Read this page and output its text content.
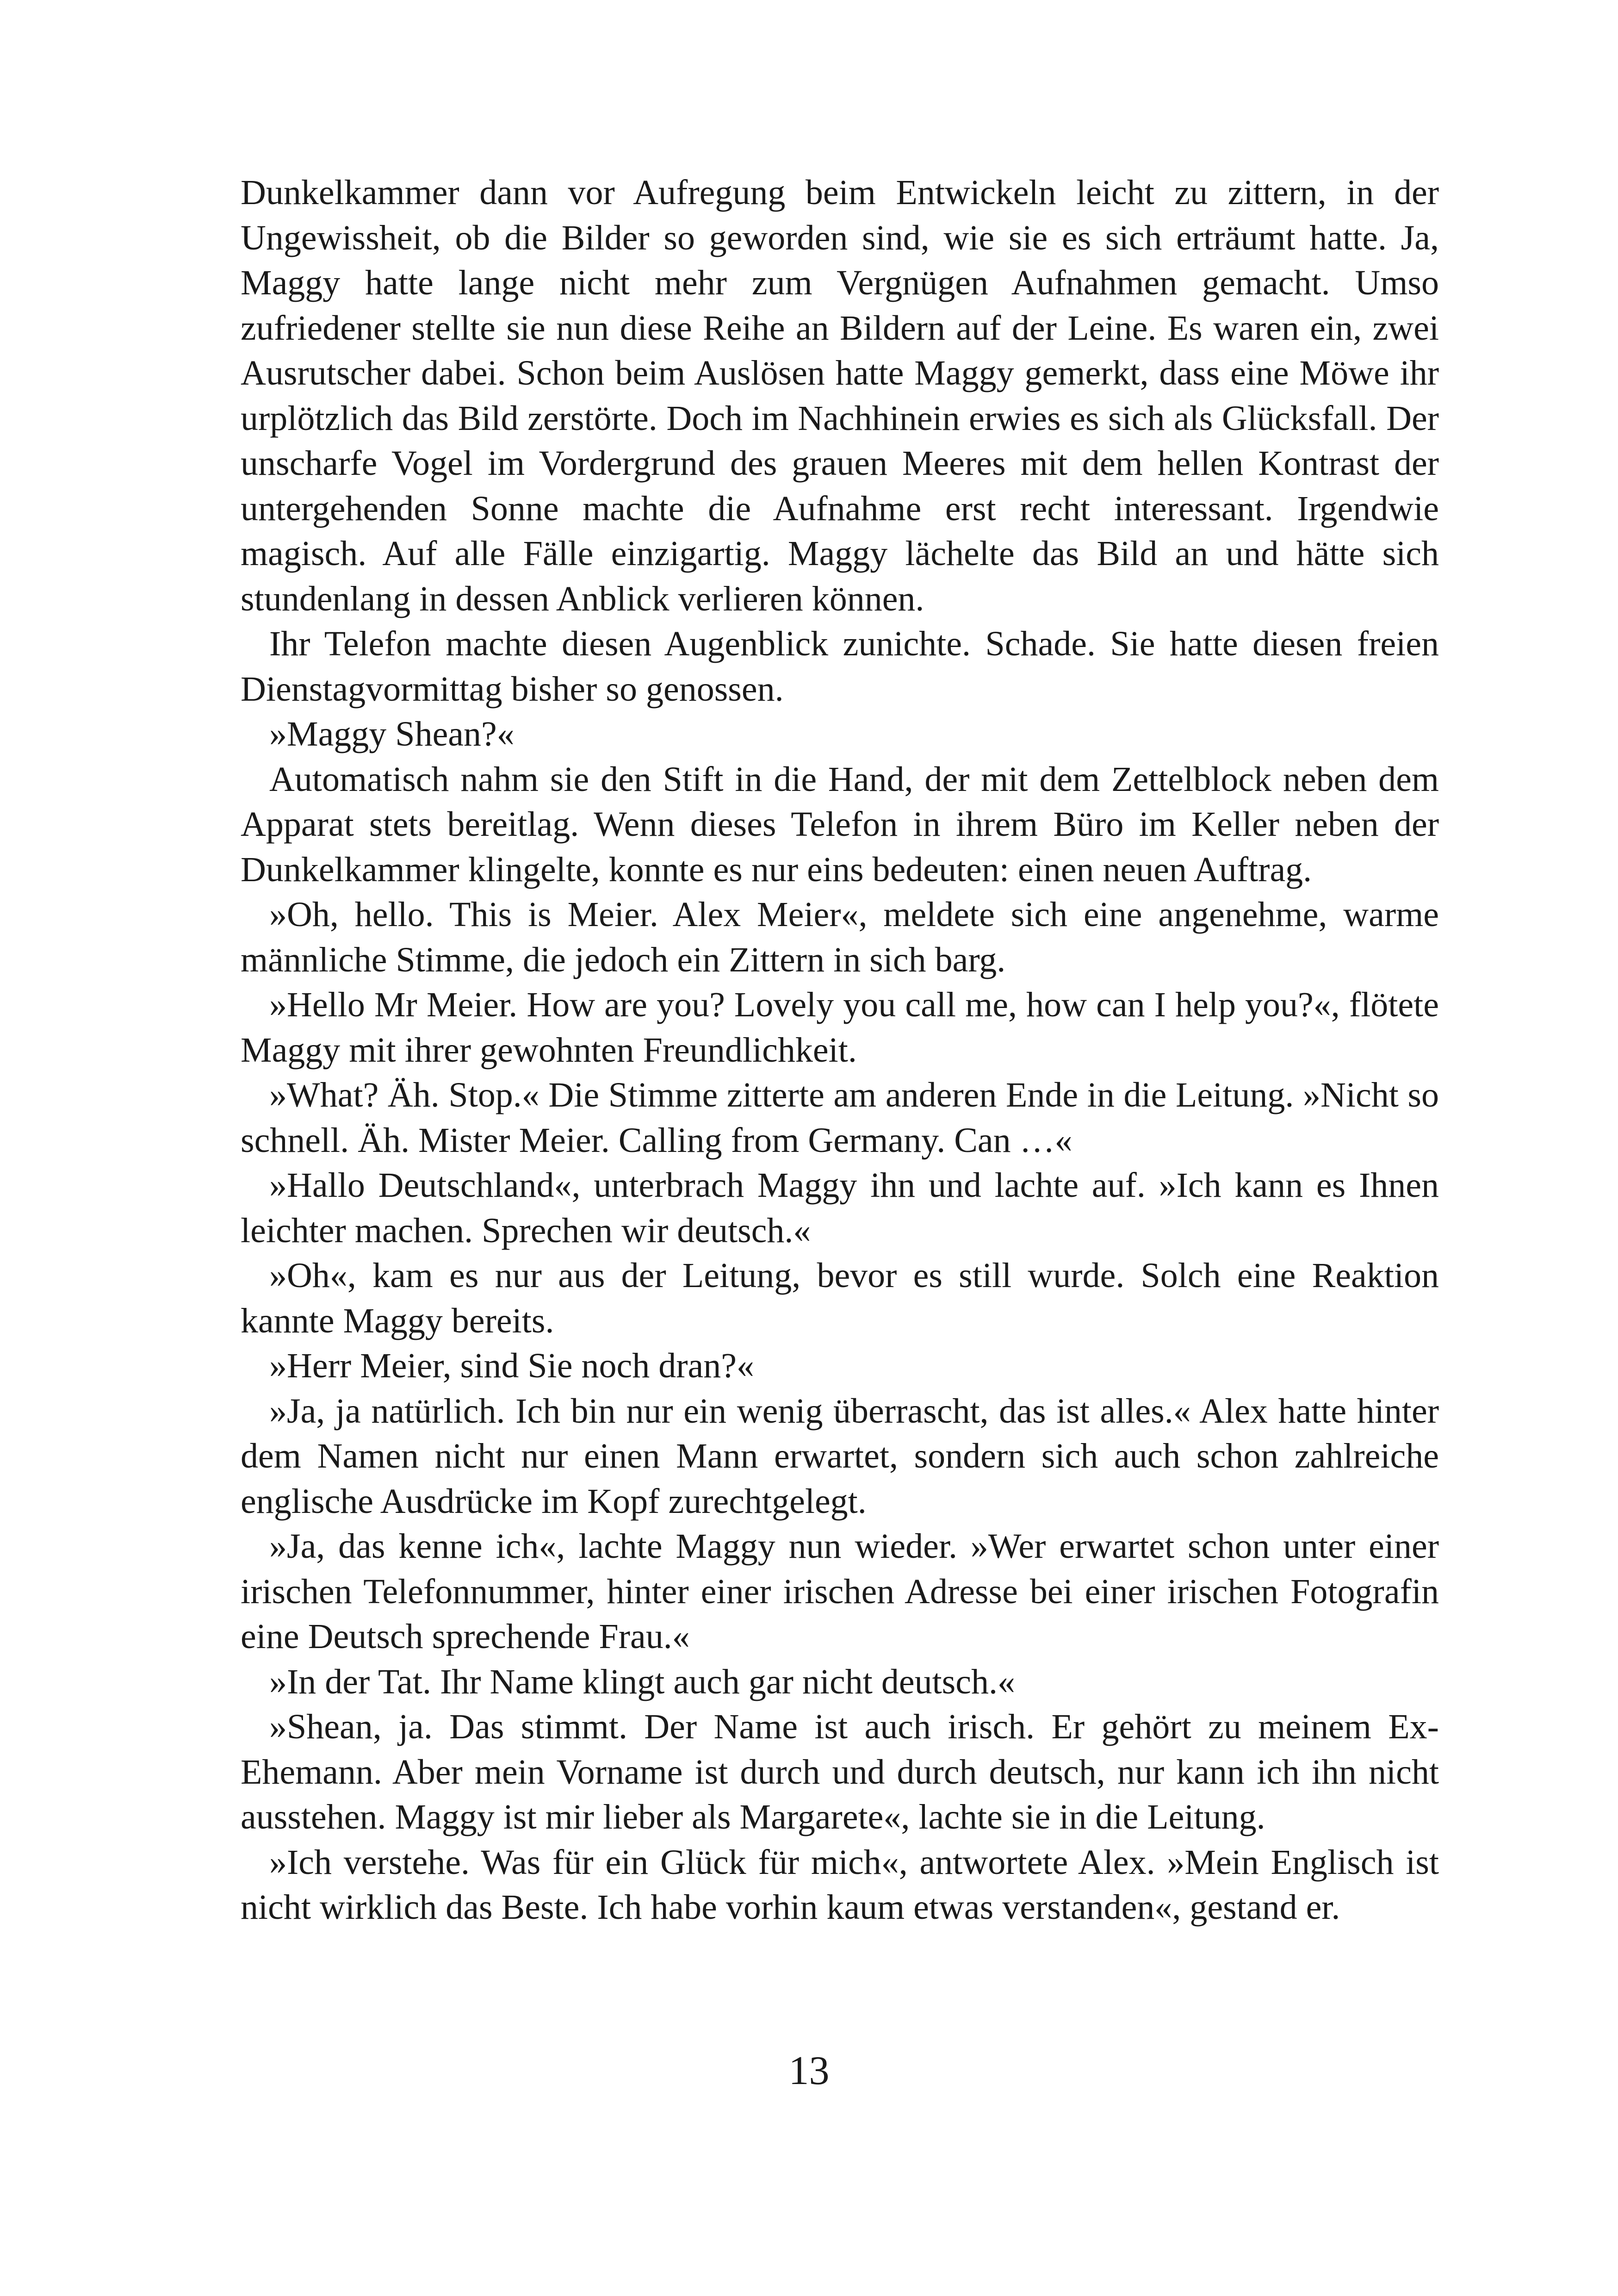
Dunkelkammer dann vor Aufregung beim Entwickeln leicht zu zittern, in der Ungewissheit, ob die Bilder so geworden sind, wie sie es sich erträumt hatte. Ja, Maggy hatte lange nicht mehr zum Vergnügen Aufnahmen gemacht. Umso zufriedener stellte sie nun diese Reihe an Bildern auf der Leine. Es waren ein, zwei Ausrutscher dabei. Schon beim Auslösen hatte Maggy gemerkt, dass eine Möwe ihr urplötzlich das Bild zerstörte. Doch im Nachhinein erwies es sich als Glücksfall. Der unscharfe Vogel im Vordergrund des grauen Meeres mit dem hellen Kontrast der untergehenden Sonne machte die Aufnahme erst recht interessant. Irgendwie magisch. Auf alle Fälle einzigartig. Maggy lächelte das Bild an und hätte sich stundenlang in dessen Anblick verlieren können.

Ihr Telefon machte diesen Augenblick zunichte. Schade. Sie hatte diesen freien Dienstagvormittag bisher so genossen.

»Maggy Shean?«

Automatisch nahm sie den Stift in die Hand, der mit dem Zettelblock neben dem Apparat stets bereitlag. Wenn dieses Telefon in ihrem Büro im Keller neben der Dunkelkammer klingelte, konnte es nur eins bedeuten: einen neuen Auftrag.

»Oh, hello. This is Meier. Alex Meier«, meldete sich eine angenehme, warme männliche Stimme, die jedoch ein Zittern in sich barg.

»Hello Mr Meier. How are you? Lovely you call me, how can I help you?«, flötete Maggy mit ihrer gewohnten Freundlichkeit.

»What? Äh. Stop.« Die Stimme zitterte am anderen Ende in die Leitung. »Nicht so schnell. Äh. Mister Meier. Calling from Germany. Can …«

»Hallo Deutschland«, unterbrach Maggy ihn und lachte auf. »Ich kann es Ihnen leichter machen. Sprechen wir deutsch.«

»Oh«, kam es nur aus der Leitung, bevor es still wurde. Solch eine Reaktion kannte Maggy bereits.

»Herr Meier, sind Sie noch dran?«

»Ja, ja natürlich. Ich bin nur ein wenig überrascht, das ist alles.« Alex hatte hinter dem Namen nicht nur einen Mann erwartet, sondern sich auch schon zahlreiche englische Ausdrücke im Kopf zurechtgelegt.

»Ja, das kenne ich«, lachte Maggy nun wieder. »Wer erwartet schon unter einer irischen Telefonnummer, hinter einer irischen Adresse bei einer irischen Fotografin eine Deutsch sprechende Frau.«

»In der Tat. Ihr Name klingt auch gar nicht deutsch.«

»Shean, ja. Das stimmt. Der Name ist auch irisch. Er gehört zu meinem Ex-Ehemann. Aber mein Vorname ist durch und durch deutsch, nur kann ich ihn nicht ausstehen. Maggy ist mir lieber als Margarete«, lachte sie in die Leitung.

»Ich verstehe. Was für ein Glück für mich«, antwortete Alex. »Mein Englisch ist nicht wirklich das Beste. Ich habe vorhin kaum etwas verstanden«, gestand er.

13
